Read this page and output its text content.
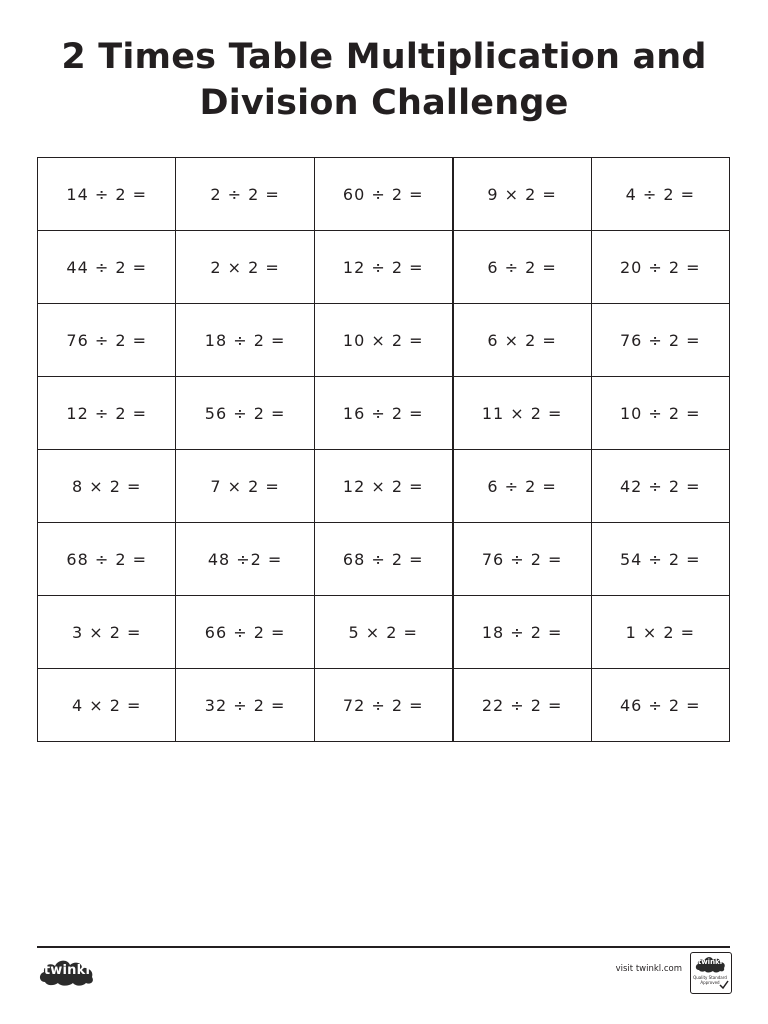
2 Times Table Multiplication and
Division Challenge
14 ÷ 2 =	2 ÷ 2 =	60 ÷ 2 =	9 × 2 =	4 ÷ 2 =
44 ÷ 2 =	2 × 2 =	12 ÷ 2 =	6 ÷ 2 =	20 ÷ 2 =
76 ÷ 2 =	18 ÷ 2 =	10 × 2 =	6 × 2 =	76 ÷ 2 =
12 ÷ 2 =	56 ÷ 2 =	16 ÷ 2 =	11 × 2 =	10 ÷ 2 =
8 × 2 =	7 × 2 =	12 × 2 =	6 ÷ 2 =	42 ÷ 2 =
68 ÷ 2 =	48 ÷2 =	68 ÷ 2 =	76 ÷ 2 =	54 ÷ 2 =
3 × 2 =	66 ÷ 2 =	5 × 2 =	18 ÷ 2 =	1 × 2 =
4 × 2 =	32 ÷ 2 =	72 ÷ 2 =	22 ÷ 2 =	46 ÷ 2 =
twinkl	visit twinkl.com
twinkl
Quality Standard Approved
